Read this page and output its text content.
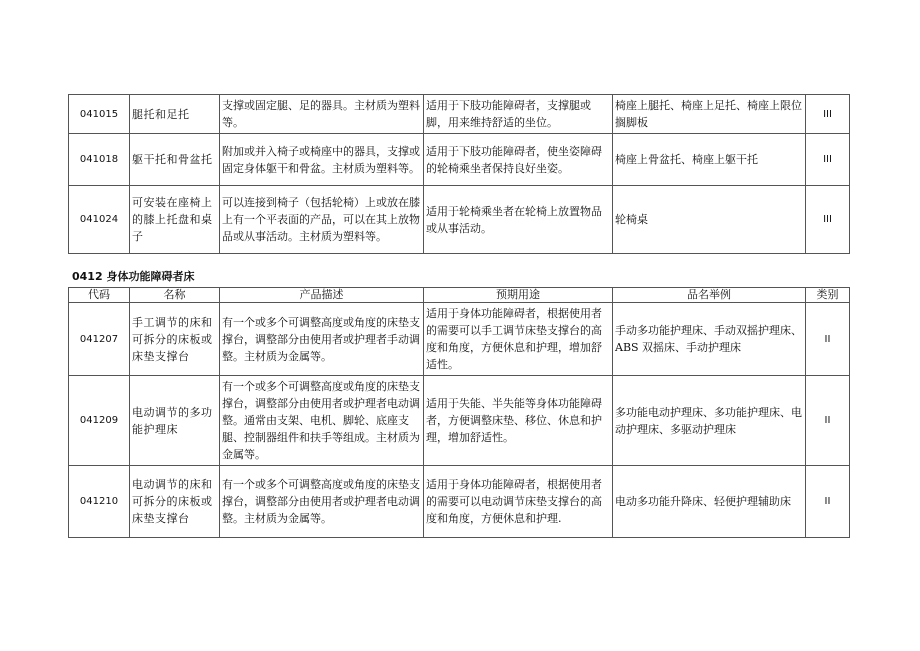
041015	腿托和足托	支撑或固定腿、足的器具。主材质为塑料等。	适用于下肢功能障碍者，支撑腿或脚，用来维持舒适的坐位。	椅座上腿托、椅座上足托、椅座上限位搁脚板	III
041018	躯干托和骨盆托	附加或并入椅子或椅座中的器具，支撑或固定身体躯干和骨盆。主材质为塑料等。	适用于下肢功能障碍者，使坐姿障碍的轮椅乘坐者保持良好坐姿。	椅座上骨盆托、椅座上躯干托	III
041024	可安装在座椅上的膝上托盘和桌子	可以连接到椅子（包括轮椅）上或放在膝上有一个平表面的产品，可以在其上放物品或从事活动。主材质为塑料等。	适用于轮椅乘坐者在轮椅上放置物品或从事活动。	轮椅桌	III
0412 身体功能障碍者床
代码	名称	产品描述	预期用途	品名举例	类别
041207	手工调节的床和可拆分的床板或床垫支撑台	有一个或多个可调整高度或角度的床垫支撑台，调整部分由使用者或护理者手动调整。主材质为金属等。	适用于身体功能障碍者，根据使用者的需要可以手工调节床垫支撑台的高度和角度，方便休息和护理，增加舒适性。	手动多功能护理床、手动双摇护理床、ABS 双摇床、手动护理床	II
041209	电动调节的多功能护理床	有一个或多个可调整高度或角度的床垫支撑台，调整部分由使用者或护理者电动调整。通常由支架、电机、脚轮、底座支腿、控制器组件和扶手等组成。主材质为金属等。	适用于失能、半失能等身体功能障碍者，方便调整床垫、移位、休息和护理，增加舒适性。	多功能电动护理床、多功能护理床、电动护理床、多驱动护理床	II
041210	电动调节的床和可拆分的床板或床垫支撑台	有一个或多个可调整高度或角度的床垫支撑台，调整部分由使用者或护理者电动调整。主材质为金属等。	适用于身体功能障碍者，根据使用者的需要可以电动调节床垫支撑台的高度和角度，方便休息和护理.	电动多功能升降床、轻便护理辅助床	II
